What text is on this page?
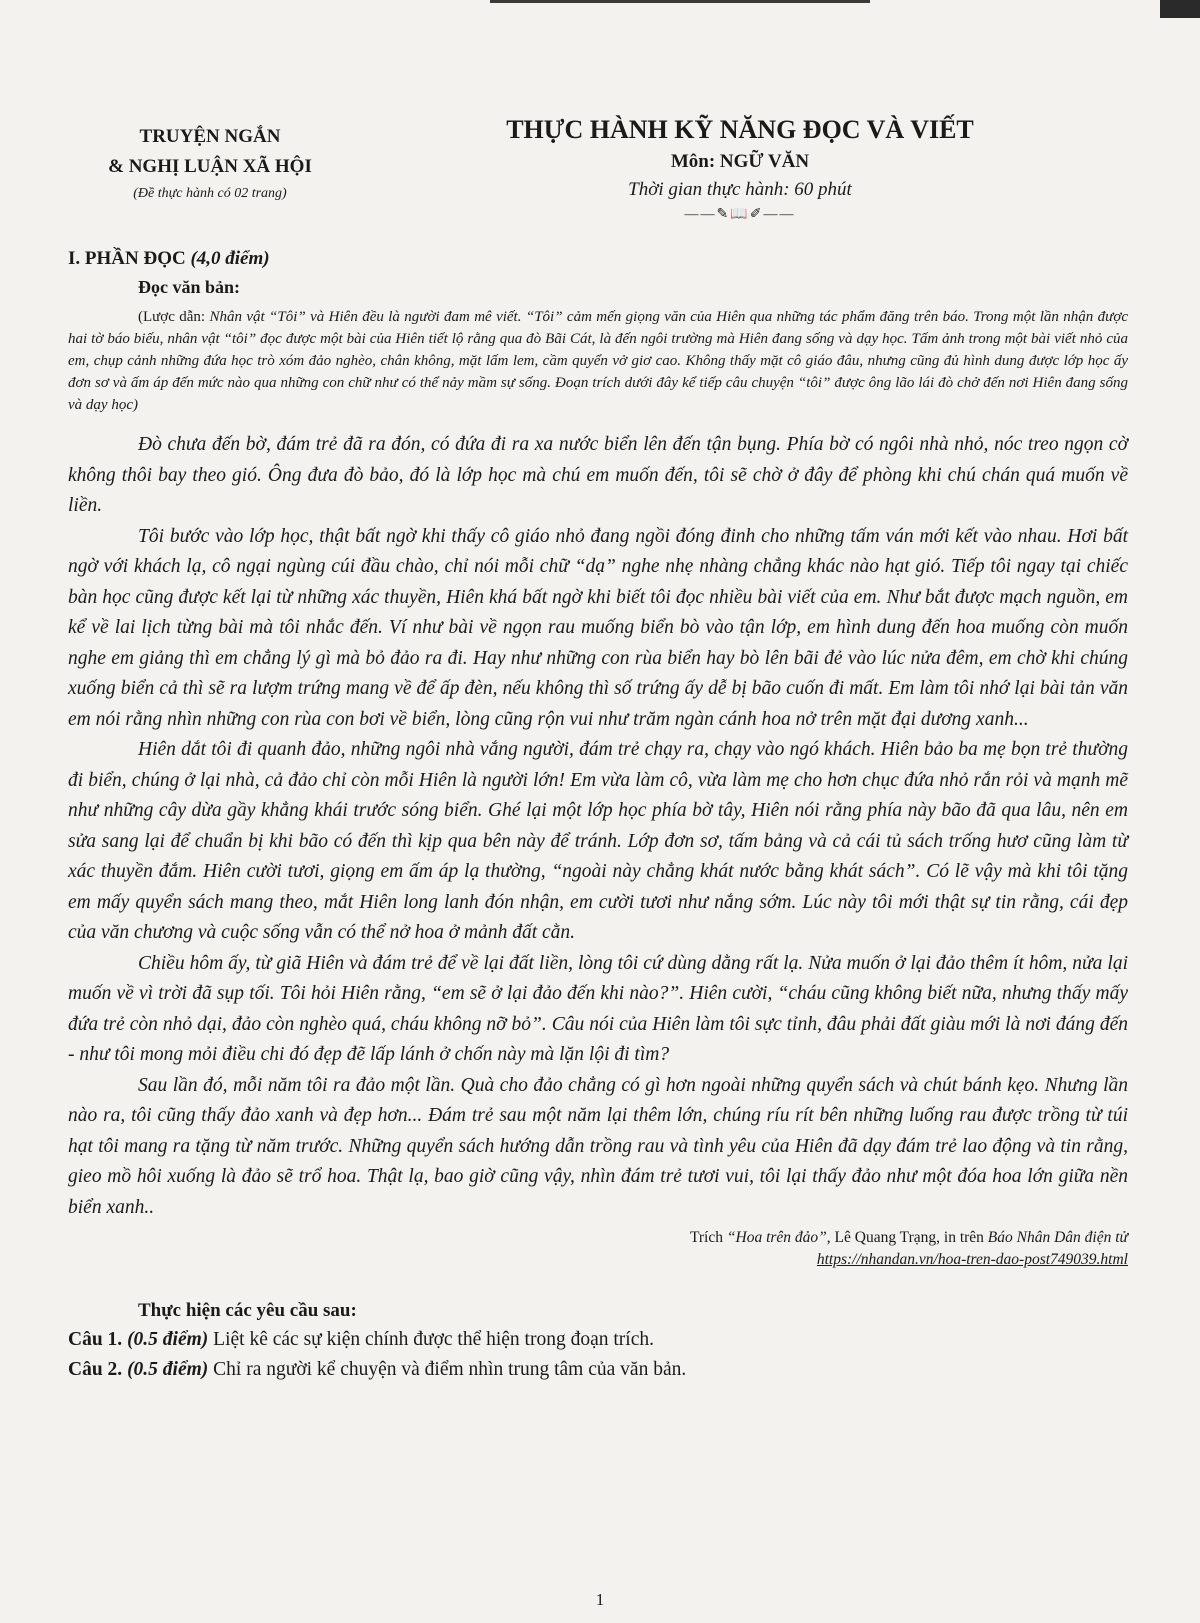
TRUYỆN NGẮN
& NGHỊ LUẬN XÃ HỘI
(Đề thực hành có 02 trang)
THỰC HÀNH KỸ NĂNG ĐỌC VÀ VIẾT
Môn: NGỮ VĂN
Thời gian thực hành: 60 phút
——✎📖✐——
I. PHẦN ĐỌC (4,0 điểm)
Đọc văn bản:
(Lược dẫn: Nhân vật “Tôi” và Hiên đều là người đam mê viết. “Tôi” cảm mến giọng văn của Hiên qua những tác phẩm đăng trên báo. Trong một lần nhận được hai tờ báo biếu, nhân vật “tôi” đọc được một bài của Hiên tiết lộ rằng qua đò Bãi Cát, là đến ngôi trường mà Hiên đang sống và dạy học. Tấm ảnh trong một bài viết nhỏ của em, chụp cảnh những đứa học trò xóm đảo nghèo, chân không, mặt lấm lem, cầm quyển vở giơ cao. Không thấy mặt cô giáo đâu, nhưng cũng đủ hình dung được lớp học ấy đơn sơ và ấm áp đến mức nào qua những con chữ như có thể nảy mầm sự sống. Đoạn trích dưới đây kể tiếp câu chuyện “tôi” được ông lão lái đò chở đến nơi Hiên đang sống và dạy học)

Đò chưa đến bờ, đám trẻ đã ra đón, có đứa đi ra xa nước biển lên đến tận bụng. Phía bờ có ngôi nhà nhỏ, nóc treo ngọn cờ không thôi bay theo gió. Ông đưa đò bảo, đó là lớp học mà chú em muốn đến, tôi sẽ chờ ở đây để phòng khi chú chán quá muốn về liền.

Tôi bước vào lớp học, thật bất ngờ khi thấy cô giáo nhỏ đang ngồi đóng đinh cho những tấm ván mới kết vào nhau. Hơi bất ngờ với khách lạ, cô ngại ngùng cúi đầu chào, chỉ nói mỗi chữ “dạ” nghe nhẹ nhàng chẳng khác nào hạt gió. Tiếp tôi ngay tại chiếc bàn học cũng được kết lại từ những xác thuyền, Hiên khá bất ngờ khi biết tôi đọc nhiều bài viết của em. Như bắt được mạch nguồn, em kể về lai lịch từng bài mà tôi nhắc đến. Ví như bài về ngọn rau muống biển bò vào tận lớp, em hình dung đến hoa muống còn muốn nghe em giảng thì em chẳng lý gì mà bỏ đảo ra đi. Hay như những con rùa biển hay bò lên bãi đẻ vào lúc nửa đêm, em chờ khi chúng xuống biển cả thì sẽ ra lượm trứng mang về để ấp đèn, nếu không thì số trứng ấy dễ bị bão cuốn đi mất. Em làm tôi nhớ lại bài tản văn em nói rằng nhìn những con rùa con bơi về biển, lòng cũng rộn vui như trăm ngàn cánh hoa nở trên mặt đại dương xanh...

Hiên dắt tôi đi quanh đảo, những ngôi nhà vắng người, đám trẻ chạy ra, chạy vào ngó khách. Hiên bảo ba mẹ bọn trẻ thường đi biển, chúng ở lại nhà, cả đảo chỉ còn mỗi Hiên là người lớn! Em vừa làm cô, vừa làm mẹ cho hơn chục đứa nhỏ rắn rỏi và mạnh mẽ như những cây dừa gầy khẳng khái trước sóng biển. Ghé lại một lớp học phía bờ tây, Hiên nói rằng phía này bão đã qua lâu, nên em sửa sang lại để chuẩn bị khi bão có đến thì kịp qua bên này để tránh. Lớp đơn sơ, tấm bảng và cả cái tủ sách trống hươ cũng làm từ xác thuyền đắm. Hiên cười tươi, giọng em ấm áp lạ thường, “ngoài này chẳng khát nước bằng khát sách”. Có lẽ vậy mà khi tôi tặng em mấy quyển sách mang theo, mắt Hiên long lanh đón nhận, em cười tươi như nắng sớm. Lúc này tôi mới thật sự tin rằng, cái đẹp của văn chương và cuộc sống vẫn có thể nở hoa ở mảnh đất cằn.

Chiều hôm ấy, từ giã Hiên và đám trẻ để về lại đất liền, lòng tôi cứ dùng dằng rất lạ. Nửa muốn ở lại đảo thêm ít hôm, nửa lại muốn về vì trời đã sụp tối. Tôi hỏi Hiên rằng, “em sẽ ở lại đảo đến khi nào?”. Hiên cười, “cháu cũng không biết nữa, nhưng thấy mấy đứa trẻ còn nhỏ dại, đảo còn nghèo quá, cháu không nỡ bỏ”. Câu nói của Hiên làm tôi sực tỉnh, đâu phải đất giàu mới là nơi đáng đến - như tôi mong mỏi điều chi đó đẹp đẽ lấp lánh ở chốn này mà lặn lội đi tìm?

Sau lần đó, mỗi năm tôi ra đảo một lần. Quà cho đảo chẳng có gì hơn ngoài những quyển sách và chút bánh kẹo. Nhưng lần nào ra, tôi cũng thấy đảo xanh và đẹp hơn... Đám trẻ sau một năm lại thêm lớn, chúng ríu rít bên những luống rau được trồng từ túi hạt tôi mang ra tặng từ năm trước. Những quyển sách hướng dẫn trồng rau và tình yêu của Hiên đã dạy đám trẻ lao động và tin rằng, gieo mồ hôi xuống là đảo sẽ trổ hoa. Thật lạ, bao giờ cũng vậy, nhìn đám trẻ tươi vui, tôi lại thấy đảo như một đóa hoa lớn giữa nền biển xanh..

Trích “Hoa trên đảo”, Lê Quang Trạng, in trên Báo Nhân Dân điện tử
https://nhandan.vn/hoa-tren-dao-post749039.html
Thực hiện các yêu cầu sau:
Câu 1. (0.5 điểm) Liệt kê các sự kiện chính được thể hiện trong đoạn trích.
Câu 2. (0.5 điểm) Chỉ ra người kể chuyện và điểm nhìn trung tâm của văn bản.
1
